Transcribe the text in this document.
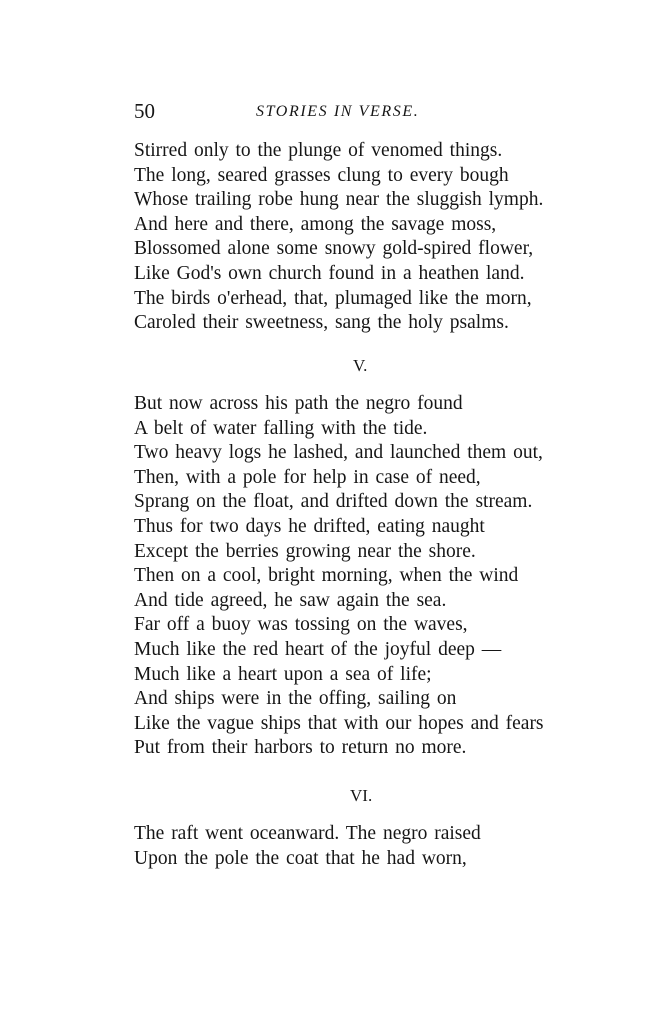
50	STORIES IN VERSE.
Stirred only to the plunge of venomed things.
The long, seared grasses clung to every bough
Whose trailing robe hung near the sluggish lymph.
And here and there, among the savage moss,
Blossomed alone some snowy gold-spired flower,
Like God's own church found in a heathen land.
The birds o'erhead, that, plumaged like the morn,
Caroled their sweetness, sang the holy psalms.
V.
But now across his path the negro found
A belt of water falling with the tide.
Two heavy logs he lashed, and launched them out,
Then, with a pole for help in case of need,
Sprang on the float, and drifted down the stream.
Thus for two days he drifted, eating naught
Except the berries growing near the shore.
Then on a cool, bright morning, when the wind
And tide agreed, he saw again the sea.
Far off a buoy was tossing on the waves,
Much like the red heart of the joyful deep —
Much like a heart upon a sea of life;
And ships were in the offing, sailing on
Like the vague ships that with our hopes and fears
Put from their harbors to return no more.
VI.
The raft went oceanward. The negro raised
Upon the pole the coat that he had worn,
